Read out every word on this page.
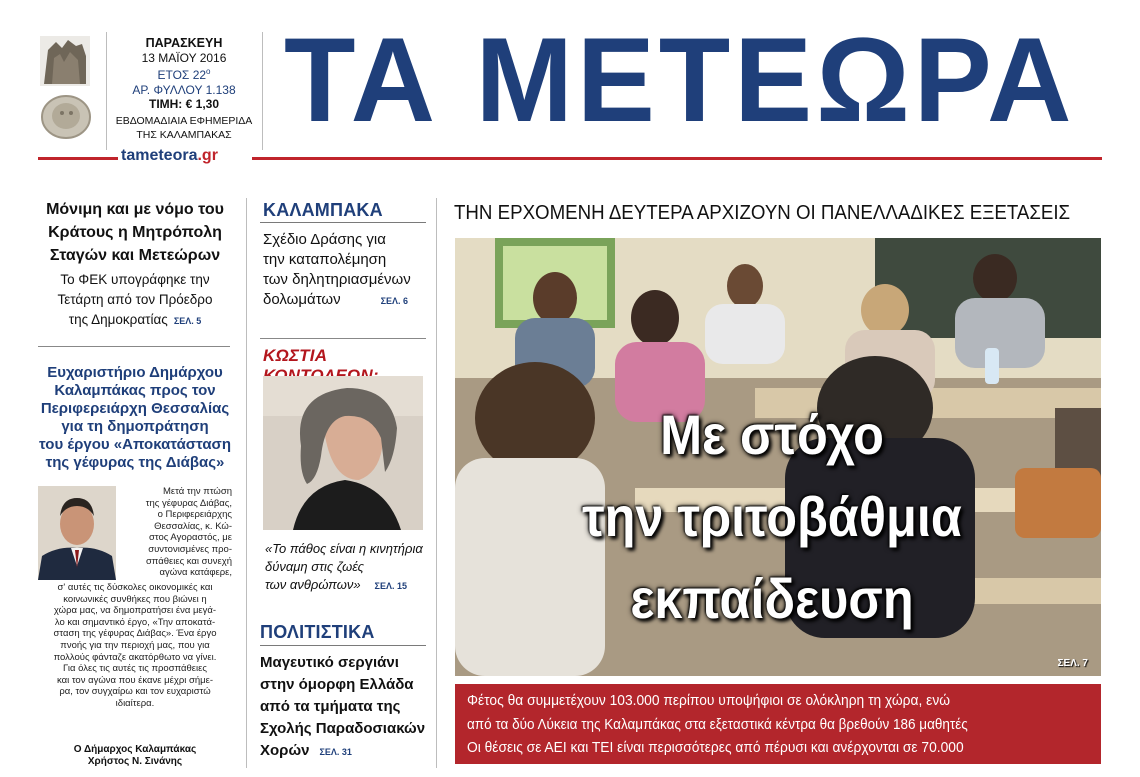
ΠΑΡΑΣΚΕΥΗ
13 ΜΑΪΟΥ 2016
ΕΤΟΣ $22^o$
ΑΡ. ΦΥΛΛΟΥ 1.138
ΤΙΜΗ: € 1,30
ΕΒΔΟΜΑΔΙΑΙΑ ΕΦΗΜΕΡΙΔΑ
ΤΗΣ ΚΑΛΑΜΠΑΚΑΣ ΤΑ ΜΕΤΕΩΡΑ
tameteora.gr
Μόνιμη και με νόμο του
Κράτους η Μητρόπολη
Σταγών και Μετεώρων
Το ΦΕΚ υπογράφηκε την
Τετάρτη από τον Πρόεδρο
της Δημοκρατίας ΣΕΛ. 5
Ευχαριστήριο Δημάρχου
Καλαμπάκας προς τον
Περιφερειάρχη Θεσσαλίας
για τη δημοπράτηση
του έργου «Αποκατάσταση
της γέφυρας της Διάβας»
Μετά την πτώση
της γέφυρας Διάβας,
ο Περιφερειάρχης
Θεσσαλίας, κ. Κώ-
στος Αγοραστός, με
συντονισμένες προ-
σπάθειες και συνεχή
αγώνα κατάφερε,
σ' αυτές τις δύσκολες οικονομικές και
κοινωνικές συνθήκες που βιώνει η
χώρα μας, να δημοπρατήσει ένα μεγά-
λο και σημαντικό έργο, «Την αποκατά-
σταση της γέφυρας Διάβας». Ένα έργο
πνοής για την περιοχή μας, που για
πολλούς φάνταζε ακατόρθωτο να γίνει.
Για όλες τις αυτές τις προσπάθειες
και τον αγώνα που έκανε μέχρι σήμε-
ρα, τον συγχαίρω και τον ευχαριστώ
ιδιαίτερα.
Ο Δήμαρχος Καλαμπάκας
Χρήστος Ν. Σινάνης
ΚΑΛΑΜΠΑΚΑ
Σχέδιο Δράσης για
την καταπολέμηση
των δηλητηριασμένων
δολωμάτων	ΣΕΛ. 6
ΚΩΣΤΙΑ
«Το πάθος είναι η κινητήρια
δύναμη στις ζωές
των ανθρώπων» ΣΕΛ. 15
ΠΟΛΙΤΙΣΤΙΚΑ
Μαγευτικό σεργιάνι
στην όμορφη Ελλάδα
από τα τμήματα της
Σχολής Παραδοσιακών
Χορών ΣΕΛ. 31
ΤΗΝ ΕΡΧΟΜΕΝΗ ΔΕΥΤΕΡΑ ΑΡΧΙΖΟΥΝ ΟΙ ΠΑΝΕΛΛΑΔΙΚΕΣ ΕΞΕΤΑΣΕΙΣ
Με στόχο
την τριτοβάθμια
εκπαίδευση
ΣΕΛ. 7
Φέτος θα συμμετέχουν 103.000 περίπου υποψήφιοι σε ολόκληρη τη χώρα, ενώ
από τα δύο Λύκεια της Καλαμπάκας στα εξεταστικά κέντρα θα βρεθούν 186 μαθητές
Οι θέσεις σε ΑΕΙ και ΤΕΙ είναι περισσότερες από πέρυσι και ανέρχονται σε 70.000
